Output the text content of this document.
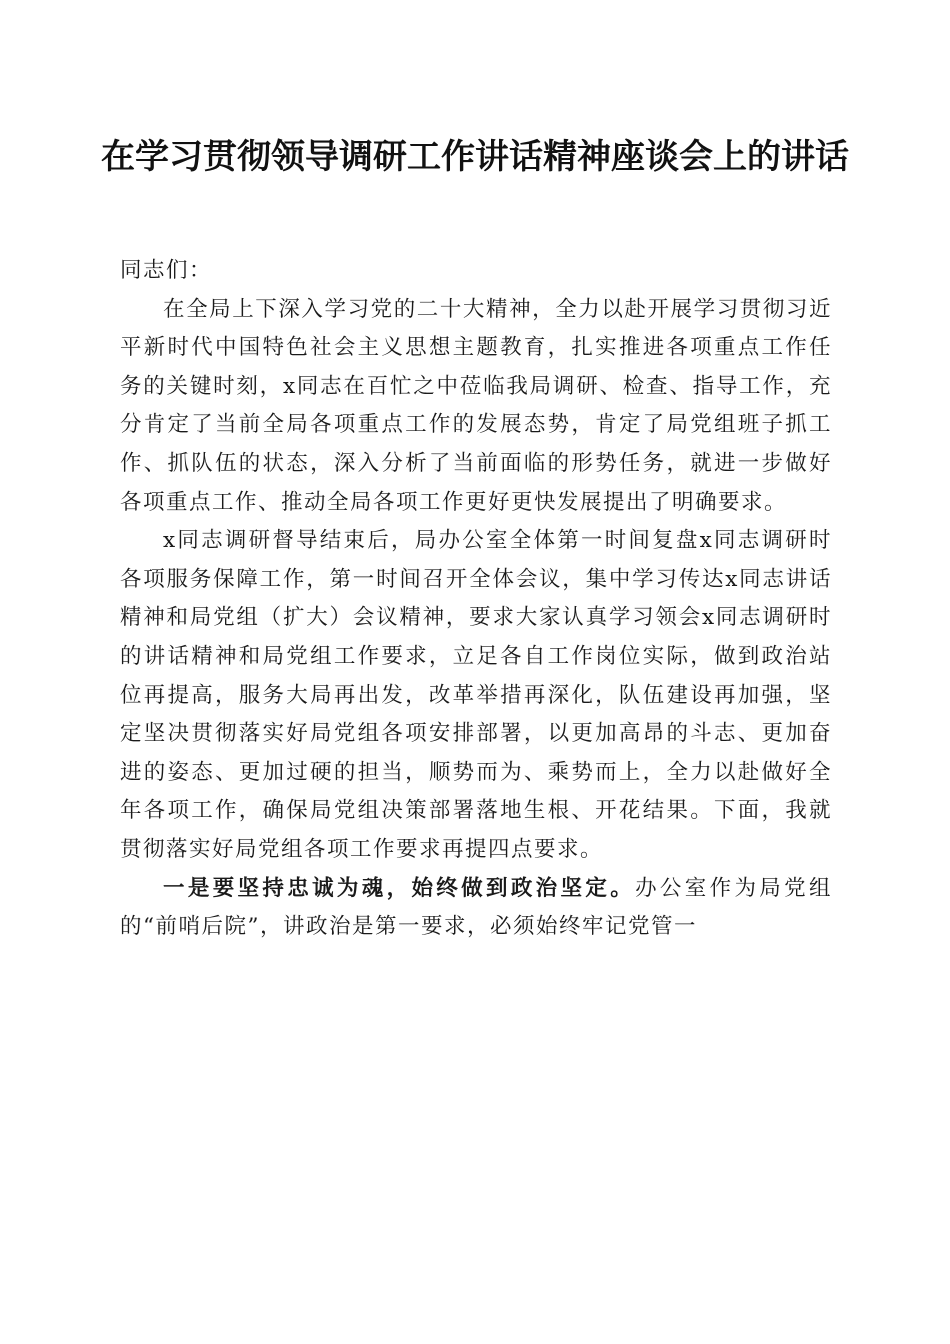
在学习贯彻领导调研工作讲话精神座谈会上的讲话

同志们：

在全局上下深入学习党的二十大精神，全力以赴开展学习贯彻习近平新时代中国特色社会主义思想主题教育，扎实推进各项重点工作任务的关键时刻，x同志在百忙之中莅临我局调研、检查、指导工作，充分肯定了当前全局各项重点工作的发展态势，肯定了局党组班子抓工作、抓队伍的状态，深入分析了当前面临的形势任务，就进一步做好各项重点工作、推动全局各项工作更好更快发展提出了明确要求。

x同志调研督导结束后，局办公室全体第一时间复盘x同志调研时各项服务保障工作，第一时间召开全体会议，集中学习传达x同志讲话精神和局党组（扩大）会议精神，要求大家认真学习领会x同志调研时的讲话精神和局党组工作要求，立足各自工作岗位实际，做到政治站位再提高，服务大局再出发，改革举措再深化，队伍建设再加强，坚定坚决贯彻落实好局党组各项安排部署，以更加高昂的斗志、更加奋进的姿态、更加过硬的担当，顺势而为、乘势而上，全力以赴做好全年各项工作，确保局党组决策部署落地生根、开花结果。下面，我就贯彻落实好局党组各项工作要求再提四点要求。

一是要坚持忠诚为魂，始终做到政治坚定。办公室作为局党组的“前哨后院”，讲政治是第一要求，必须始终牢记党管一
